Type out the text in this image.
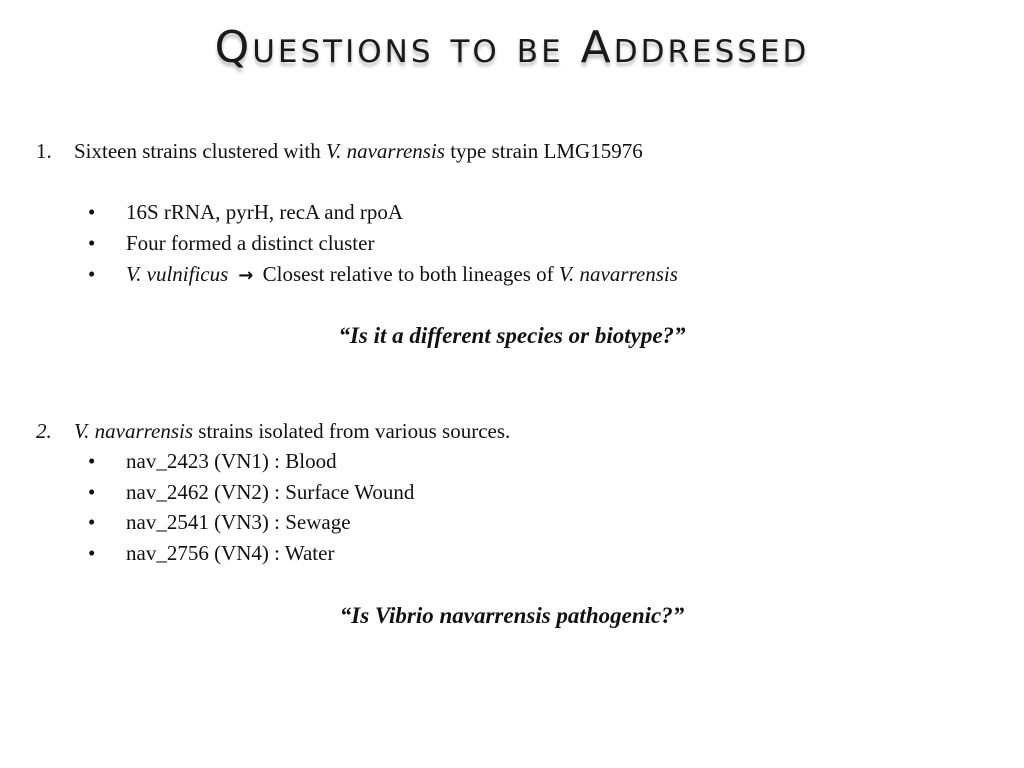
Questions to be Addressed
1. Sixteen strains clustered with V. navarrensis type strain LMG15976
• 16S rRNA, pyrH, recA and rpoA
• Four formed a distinct cluster
• V. vulnificus → Closest relative to both lineages of V. navarrensis
“Is it a different species or biotype?”
2. V. navarrensis strains isolated from various sources.
• nav_2423 (VN1) : Blood
• nav_2462 (VN2) : Surface Wound
• nav_2541 (VN3) : Sewage
• nav_2756 (VN4) : Water
“Is Vibrio navarrensis pathogenic?”
